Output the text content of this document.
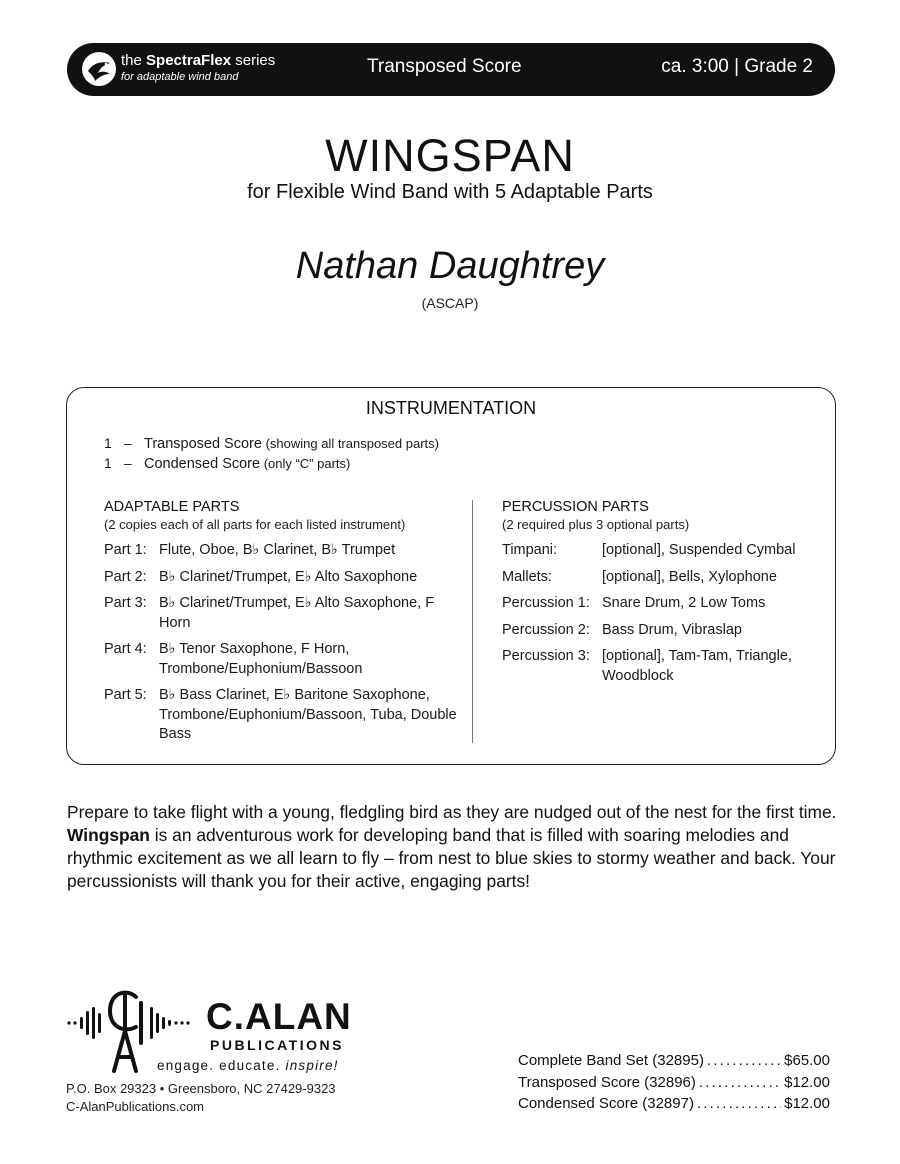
the SpectraFlex series
for adaptable wind band	Transposed Score	ca. 3:00 | Grade 2
WINGSPAN
for Flexible Wind Band with 5 Adaptable Parts
Nathan Daughtrey
(ASCAP)
INSTRUMENTATION
1 – Transposed Score (showing all transposed parts)
1 – Condensed Score (only “C” parts)
ADAPTABLE PARTS
(2 copies each of all parts for each listed instrument)
Part 1: Flute, Oboe, B♭ Clarinet, B♭ Trumpet
Part 2: B♭ Clarinet/Trumpet, E♭ Alto Saxophone
Part 3: B♭ Clarinet/Trumpet, E♭ Alto Saxophone, F Horn
Part 4: B♭ Tenor Saxophone, F Horn, Trombone/Euphonium/Bassoon
Part 5: B♭ Bass Clarinet, E♭ Baritone Saxophone, Trombone/Euphonium/Bassoon, Tuba, Double Bass
PERCUSSION PARTS
(2 required plus 3 optional parts)
Timpani:	[optional], Suspended Cymbal
Mallets:	[optional], Bells, Xylophone
Percussion 1: Snare Drum, 2 Low Toms
Percussion 2: Bass Drum, Vibraslap
Percussion 3: [optional], Tam-Tam, Triangle, Woodblock

Prepare to take flight with a young, fledgling bird as they are nudged out of the nest for the first time. Wingspan is an adventurous work for developing band that is filled with soaring melodies and rhythmic excitement as we all learn to fly – from nest to blue skies to stormy weather and back. Your percussionists will thank you for their active, engaging parts!

C.ALAN
PUBLICATIONS
engage. educate. inspire!
P.O. Box 29323 • Greensboro, NC 27429-9323
C-AlanPublications.com
Complete Band Set (32895) . . .	$65.00
Transposed Score (32896) . . .	$12.00
Condensed Score (32897) . . .	$12.00
